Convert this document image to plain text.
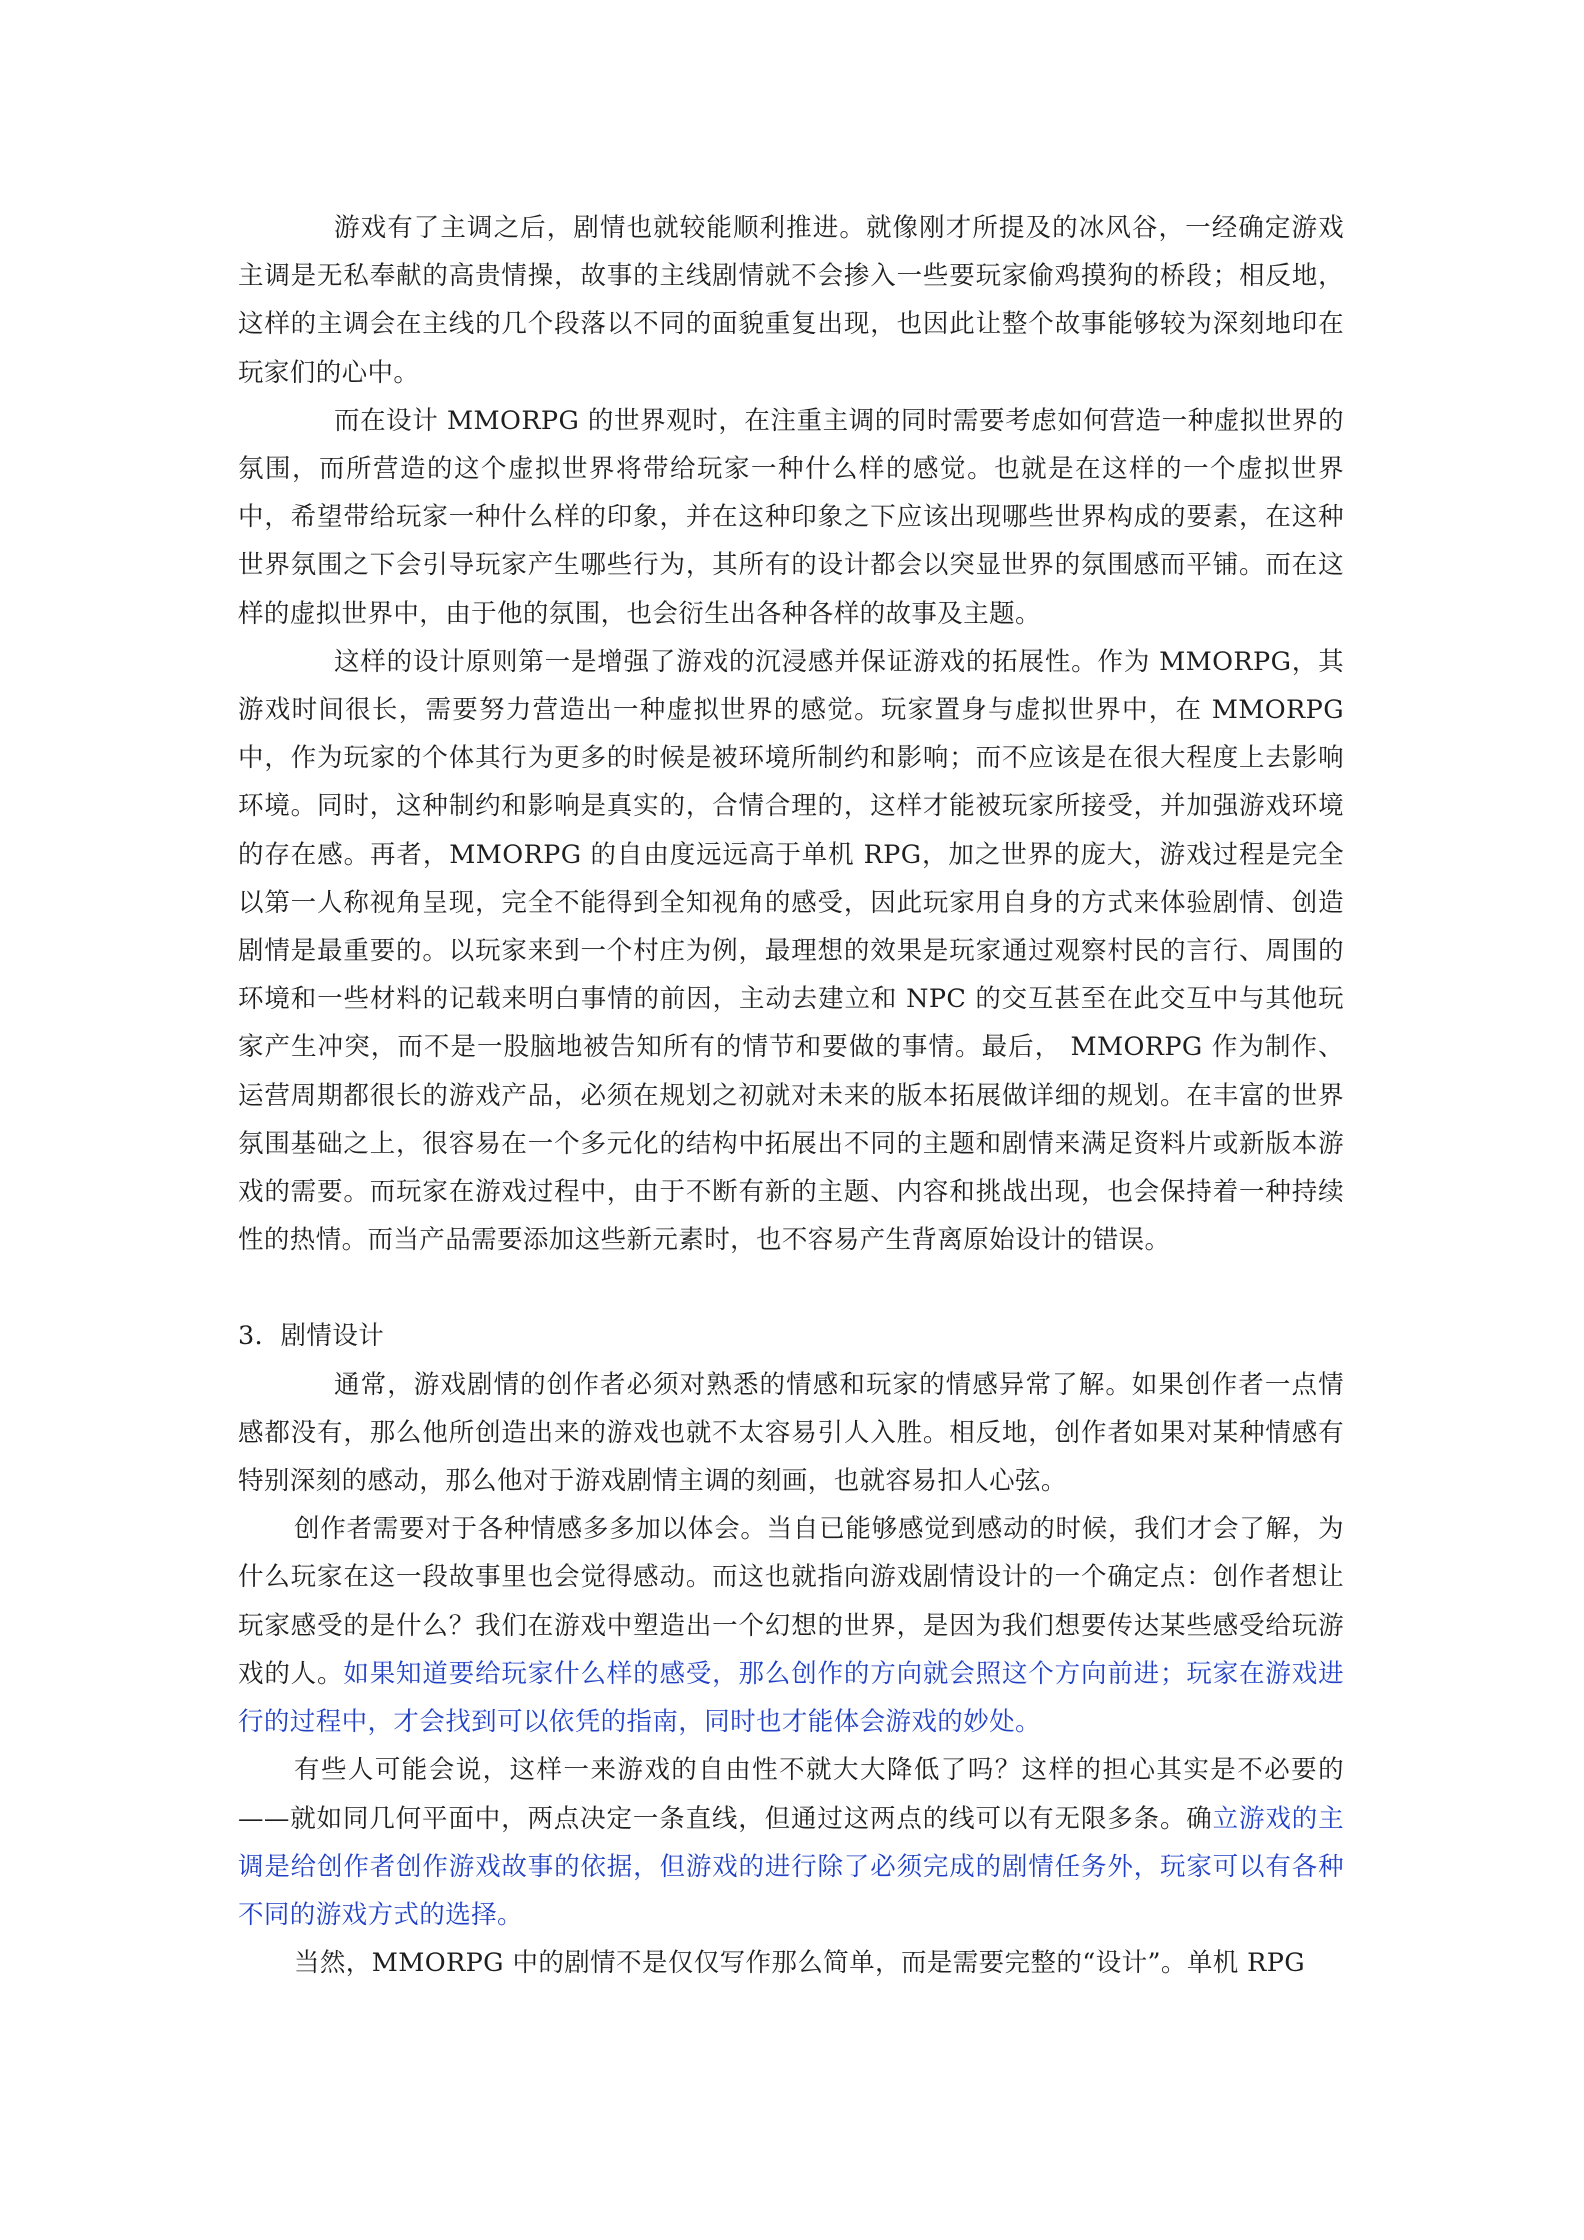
游戏有了主调之后，剧情也就较能顺利推进。就像刚才所提及的冰风谷，一经确定游戏主调是无私奉献的高贵情操，故事的主线剧情就不会掺入一些要玩家偷鸡摸狗的桥段；相反地，这样的主调会在主线的几个段落以不同的面貌重复出现，也因此让整个故事能够较为深刻地印在玩家们的心中。

而在设计 MMORPG 的世界观时，在注重主调的同时需要考虑如何营造一种虚拟世界的氛围，而所营造的这个虚拟世界将带给玩家一种什么样的感觉。也就是在这样的一个虚拟世界中，希望带给玩家一种什么样的印象，并在这种印象之下应该出现哪些世界构成的要素，在这种世界氛围之下会引导玩家产生哪些行为，其所有的设计都会以突显世界的氛围感而平铺。而在这样的虚拟世界中，由于他的氛围，也会衍生出各种各样的故事及主题。

这样的设计原则第一是增强了游戏的沉浸感并保证游戏的拓展性。作为 MMORPG，其游戏时间很长，需要努力营造出一种虚拟世界的感觉。玩家置身与虚拟世界中，在 MMORPG 中，作为玩家的个体其行为更多的时候是被环境所制约和影响；而不应该是在很大程度上去影响环境。同时，这种制约和影响是真实的，合情合理的，这样才能被玩家所接受，并加强游戏环境的存在感。再者，MMORPG 的自由度远远高于单机 RPG，加之世界的庞大，游戏过程是完全以第一人称视角呈现，完全不能得到全知视角的感受，因此玩家用自身的方式来体验剧情、创造剧情是最重要的。以玩家来到一个村庄为例，最理想的效果是玩家通过观察村民的言行、周围的环境和一些材料的记载来明白事情的前因，主动去建立和 NPC 的交互甚至在此交互中与其他玩家产生冲突，而不是一股脑地被告知所有的情节和要做的事情。最后， MMORPG 作为制作、运营周期都很长的游戏产品，必须在规划之初就对未来的版本拓展做详细的规划。在丰富的世界氛围基础之上，很容易在一个多元化的结构中拓展出不同的主题和剧情来满足资料片或新版本游戏的需要。而玩家在游戏过程中，由于不断有新的主题、内容和挑战出现，也会保持着一种持续性的热情。而当产品需要添加这些新元素时，也不容易产生背离原始设计的错误。

3．剧情设计

通常，游戏剧情的创作者必须对熟悉的情感和玩家的情感异常了解。如果创作者一点情感都没有，那么他所创造出来的游戏也就不太容易引人入胜。相反地，创作者如果对某种情感有特别深刻的感动，那么他对于游戏剧情主调的刻画，也就容易扣人心弦。

创作者需要对于各种情感多多加以体会。当自已能够感觉到感动的时候，我们才会了解，为什么玩家在这一段故事里也会觉得感动。而这也就指向游戏剧情设计的一个确定点：创作者想让玩家感受的是什么？我们在游戏中塑造出一个幻想的世界，是因为我们想要传达某些感受给玩游戏的人。如果知道要给玩家什么样的感受，那么创作的方向就会照这个方向前进；玩家在游戏进行的过程中，才会找到可以依凭的指南，同时也才能体会游戏的妙处。

有些人可能会说，这样一来游戏的自由性不就大大降低了吗？这样的担心其实是不必要的——就如同几何平面中，两点决定一条直线，但通过这两点的线可以有无限多条。确立游戏的主调是给创作者创作游戏故事的依据，但游戏的进行除了必须完成的剧情任务外，玩家可以有各种不同的游戏方式的选择。

当然，MMORPG 中的剧情不是仅仅写作那么简单，而是需要完整的“设计”。单机 RPG
